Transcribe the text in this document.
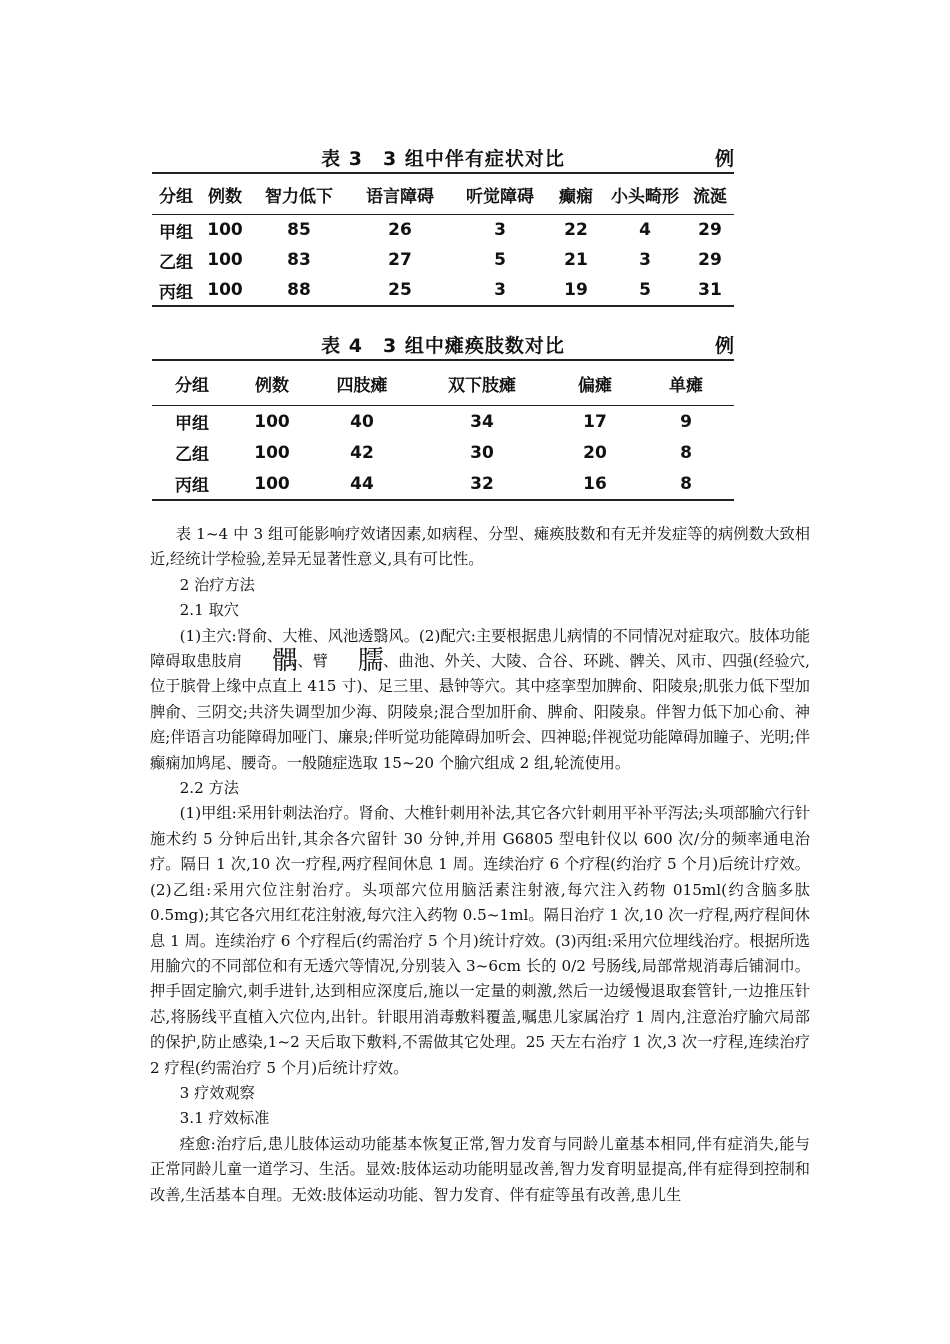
表 3　3 组中伴有症状对比	例
分组	例数	智力低下	语言障碍	听觉障碍	癫痫	小头畸形	流涎
甲组	100	85	26	3	22	4	29
乙组	100	83	27	5	21	3	29
丙组	100	88	25	3	19	5	31
表 4　3 组中瘫痪肢数对比	例
分组	例数	四肢瘫	双下肢瘫	偏瘫	单瘫
甲组	100	40	34	17	9
乙组	100	42	30	20	8
丙组	100	44	32	16	8

表 1~4 中 3 组可能影响疗效诸因素,如病程、分型、瘫痪肢数和有无并发症等的病例数大致相近,经统计学检验,差异无显著性意义,具有可比性。

2 治疗方法

2.1 取穴

(1)主穴:肾俞、大椎、风池透翳风。(2)配穴:主要根据患儿病情的不同情况对症取穴。肢体功能障碍取患肢肩 髃、臂 臑、曲池、外关、大陵、合谷、环跳、髀关、风市、四强(经验穴,位于膑骨上缘中点直上 415 寸)、足三里、悬钟等穴。其中痉挛型加脾俞、阳陵泉;肌张力低下型加脾俞、三阴交;共济失调型加少海、阴陵泉;混合型加肝俞、脾俞、阳陵泉。伴智力低下加心俞、神庭;伴语言功能障碍加哑门、廉泉;伴听觉功能障碍加听会、四神聪;伴视觉功能障碍加瞳子、光明;伴癫痫加鸠尾、腰奇。一般随症选取 15~20 个腧穴组成 2 组,轮流使用。

2.2 方法

(1)甲组:采用针刺法治疗。肾俞、大椎针刺用补法,其它各穴针刺用平补平泻法;头项部腧穴行针施术约 5 分钟后出针,其余各穴留针 30 分钟,并用 G6805 型电针仪以 600 次/分的频率通电治疗。隔日 1 次,10 次一疗程,两疗程间休息 1 周。连续治疗 6 个疗程(约治疗 5 个月)后统计疗效。(2)乙组:采用穴位注射治疗。头项部穴位用脑活素注射液,每穴注入药物 015ml(约含脑多肽 0.5mg);其它各穴用红花注射液,每穴注入药物 0.5~1ml。隔日治疗 1 次,10 次一疗程,两疗程间休息 1 周。连续治疗 6 个疗程后(约需治疗 5 个月)统计疗效。(3)丙组:采用穴位埋线治疗。根据所选用腧穴的不同部位和有无透穴等情况,分别装入 3~6cm 长的 0/2 号肠线,局部常规消毒后铺洞巾。押手固定腧穴,刺手进针,达到相应深度后,施以一定量的刺激,然后一边缓慢退取套管针,一边推压针芯,将肠线平直植入穴位内,出针。针眼用消毒敷料覆盖,嘱患儿家属治疗 1 周内,注意治疗腧穴局部的保护,防止感染,1~2 天后取下敷料,不需做其它处理。25 天左右治疗 1 次,3 次一疗程,连续治疗 2 疗程(约需治疗 5 个月)后统计疗效。

3 疗效观察

3.1 疗效标准

痊愈:治疗后,患儿肢体运动功能基本恢复正常,智力发育与同龄儿童基本相同,伴有症消失,能与正常同龄儿童一道学习、生活。显效:肢体运动功能明显改善,智力发育明显提高,伴有症得到控制和改善,生活基本自理。无效:肢体运动功能、智力发育、伴有症等虽有改善,患儿生
